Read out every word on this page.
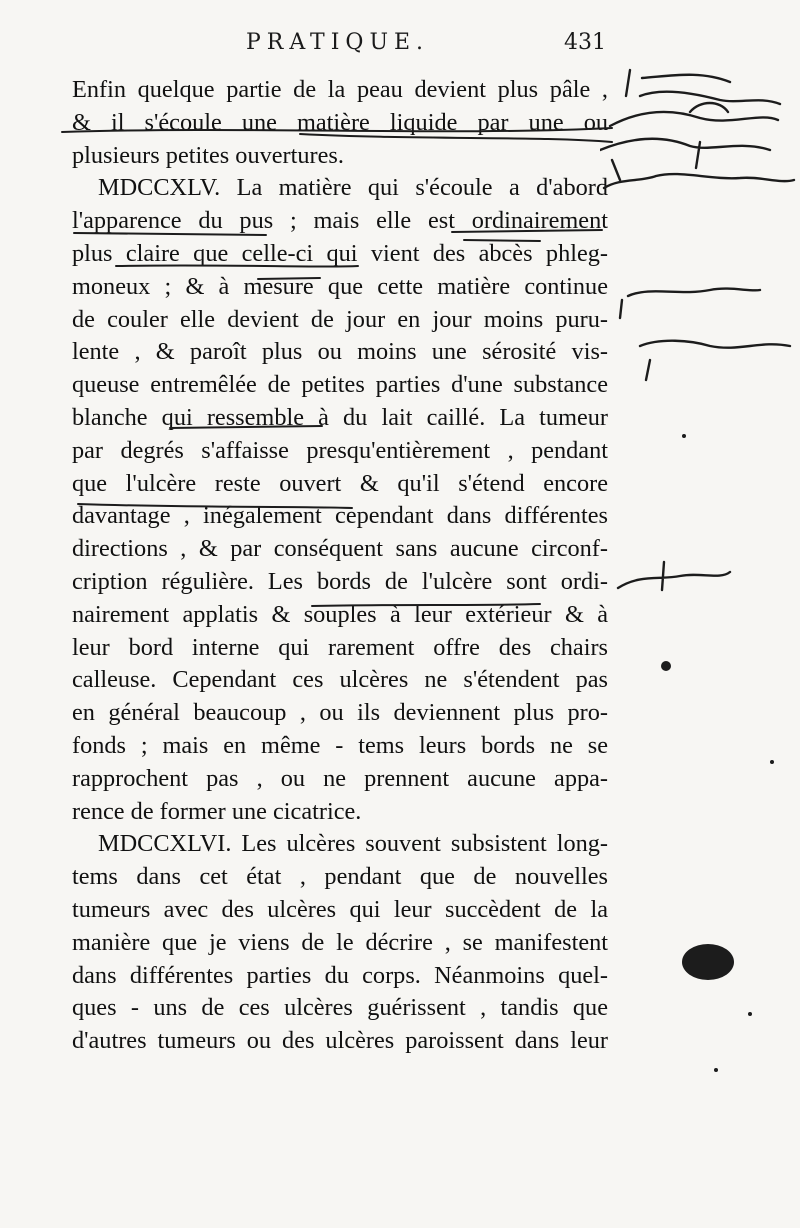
PRATIQUE.	431
Enfin quelque partie de la peau devient plus pâle ,
& il s'écoule une matière liquide par une ou
plusieurs petites ouvertures.
MDCCXLV. La matière qui s'écoule a d'abord
l'apparence du pus ; mais elle est ordinairement
plus claire que celle-ci qui vient des abcès phleg-
moneux ; & à mesure que cette matière continue
de couler elle devient de jour en jour moins puru-
lente , & paroît plus ou moins une sérosité vis-
queuse entremêlée de petites parties d'une substance
blanche qui ressemble à du lait caillé. La tumeur
par degrés s'affaisse presqu'entièrement , pendant
que l'ulcère reste ouvert & qu'il s'étend encore
davantage , inégalement cependant dans différentes
directions , & par conséquent sans aucune circonf-
cription régulière. Les bords de l'ulcère sont ordi-
nairement applatis & souples à leur extérieur & à
leur bord interne qui rarement offre des chairs
calleuse. Cependant ces ulcères ne s'étendent pas
en général beaucoup , ou ils deviennent plus pro-
fonds ; mais en même - tems leurs bords ne se
rapprochent pas , ou ne prennent aucune appa-
rence de former une cicatrice.
MDCCXLVI. Les ulcères souvent subsistent long-
tems dans cet état , pendant que de nouvelles
tumeurs avec des ulcères qui leur succèdent de la
manière que je viens de le décrire , se manifestent
dans différentes parties du corps. Néanmoins quel-
ques - uns de ces ulcères guérissent , tandis que
d'autres tumeurs ou des ulcères paroissent dans leur
